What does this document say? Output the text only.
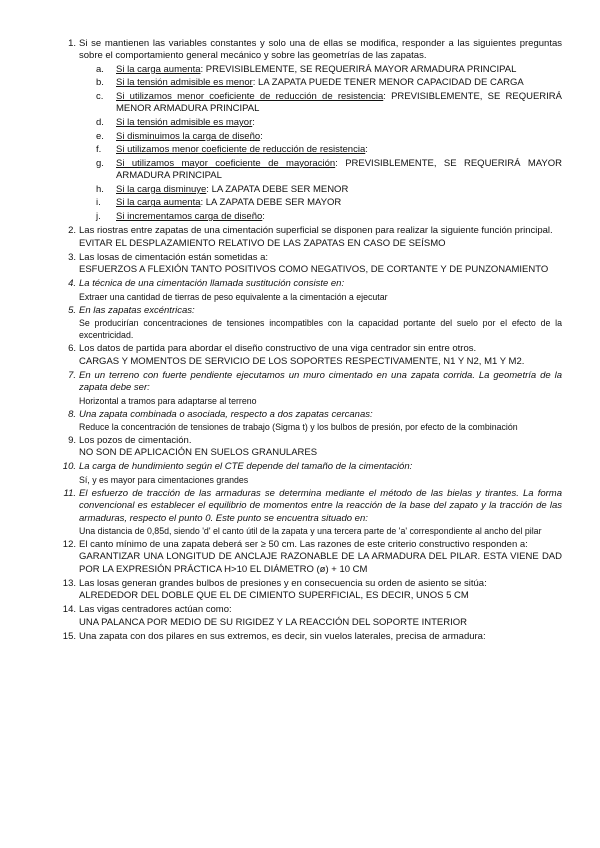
1. Si se mantienen las variables constantes y solo una de ellas se modifica, responder a las siguientes preguntas sobre el comportamiento general mecánico y sobre las geometrías de las zapatas.
a. Si la carga aumenta: PREVISIBLEMENTE, SE REQUERIRÁ MAYOR ARMADURA PRINCIPAL
b. Si la tensión admisible es menor: LA ZAPATA PUEDE TENER MENOR CAPACIDAD DE CARGA
c. Si utilizamos menor coeficiente de reducción de resistencia: PREVISIBLEMENTE, SE REQUERIRÁ MENOR ARMADURA PRINCIPAL
d. Si la tensión admisible es mayor:
e. Si disminuimos la carga de diseño:
f. Si utilizamos menor coeficiente de reducción de resistencia:
g. Si utilizamos mayor coeficiente de mayoración: PREVISIBLEMENTE, SE REQUERIRÁ MAYOR ARMADURA PRINCIPAL
h. Si la carga disminuye: LA ZAPATA DEBE SER MENOR
i. Si la carga aumenta: LA ZAPATA DEBE SER MAYOR
j. Si incrementamos carga de diseño:
2. Las riostras entre zapatas de una cimentación superficial se disponen para realizar la siguiente función principal.
EVITAR EL DESPLAZAMIENTO RELATIVO DE LAS ZAPATAS EN CASO DE SEÍSMO
3. Las losas de cimentación están sometidas a:
ESFUERZOS A FLEXIÓN TANTO POSITIVOS COMO NEGATIVOS, DE CORTANTE Y DE PUNZONAMIENTO
4. La técnica de una cimentación llamada sustitución consiste en:
Extraer una cantidad de tierras de peso equivalente a la cimentación a ejecutar
5. En las zapatas excéntricas:
Se producirían concentraciones de tensiones incompatibles con la capacidad portante del suelo por el efecto de la excentricidad.
6. Los datos de partida para abordar el diseño constructivo de una viga centrador sin entre otros.
CARGAS Y MOMENTOS DE SERVICIO DE LOS SOPORTES RESPECTIVAMENTE, N1 Y N2, M1 Y M2.
7. En un terreno con fuerte pendiente ejecutamos un muro cimentado en una zapata corrida. La geometría de la zapata debe ser:
Horizontal a tramos para adaptarse al terreno
8. Una zapata combinada o asociada, respecto a dos zapatas cercanas:
Reduce la concentración de tensiones de trabajo (Sigma t) y los bulbos de presión, por efecto de la combinación
9. Los pozos de cimentación.
NO SON DE APLICACIÓN EN SUELOS GRANULARES
10. La carga de hundimiento según el CTE depende del tamaño de la cimentación:
Sí, y es mayor para cimentaciones grandes
11. El esfuerzo de tracción de las armaduras se determina mediante el método de las bielas y tirantes. La forma convencional es establecer el equilibrio de momentos entre la reacción de la base del zapato y la tracción de las armaduras, respecto el punto 0. Este punto se encuentra situado en:
Una distancia de 0,85d, siendo 'd' el canto útil de la zapata y una tercera parte de 'a' correspondiente al ancho del pilar
12. El canto mínimo de una zapata deberá ser ≥ 50 cm. Las razones de este criterio constructivo responden a:
GARANTIZAR UNA LONGITUD DE ANCLAJE RAZONABLE DE LA ARMADURA DEL PILAR. ESTA VIENE DAD POR LA EXPRESIÓN PRÁCTICA H>10 EL DIÁMETRO (ø) + 10 CM
13. Las losas generan grandes bulbos de presiones y en consecuencia su orden de asiento se sitúa:
ALREDEDOR DEL DOBLE QUE EL DE CIMIENTO SUPERFICIAL, ES DECIR, UNOS 5 CM
14. Las vigas centradores actúan como:
UNA PALANCA POR MEDIO DE SU RIGIDEZ Y LA REACCIÓN DEL SOPORTE INTERIOR
15. Una zapata con dos pilares en sus extremos, es decir, sin vuelos laterales, precisa de armadura:
